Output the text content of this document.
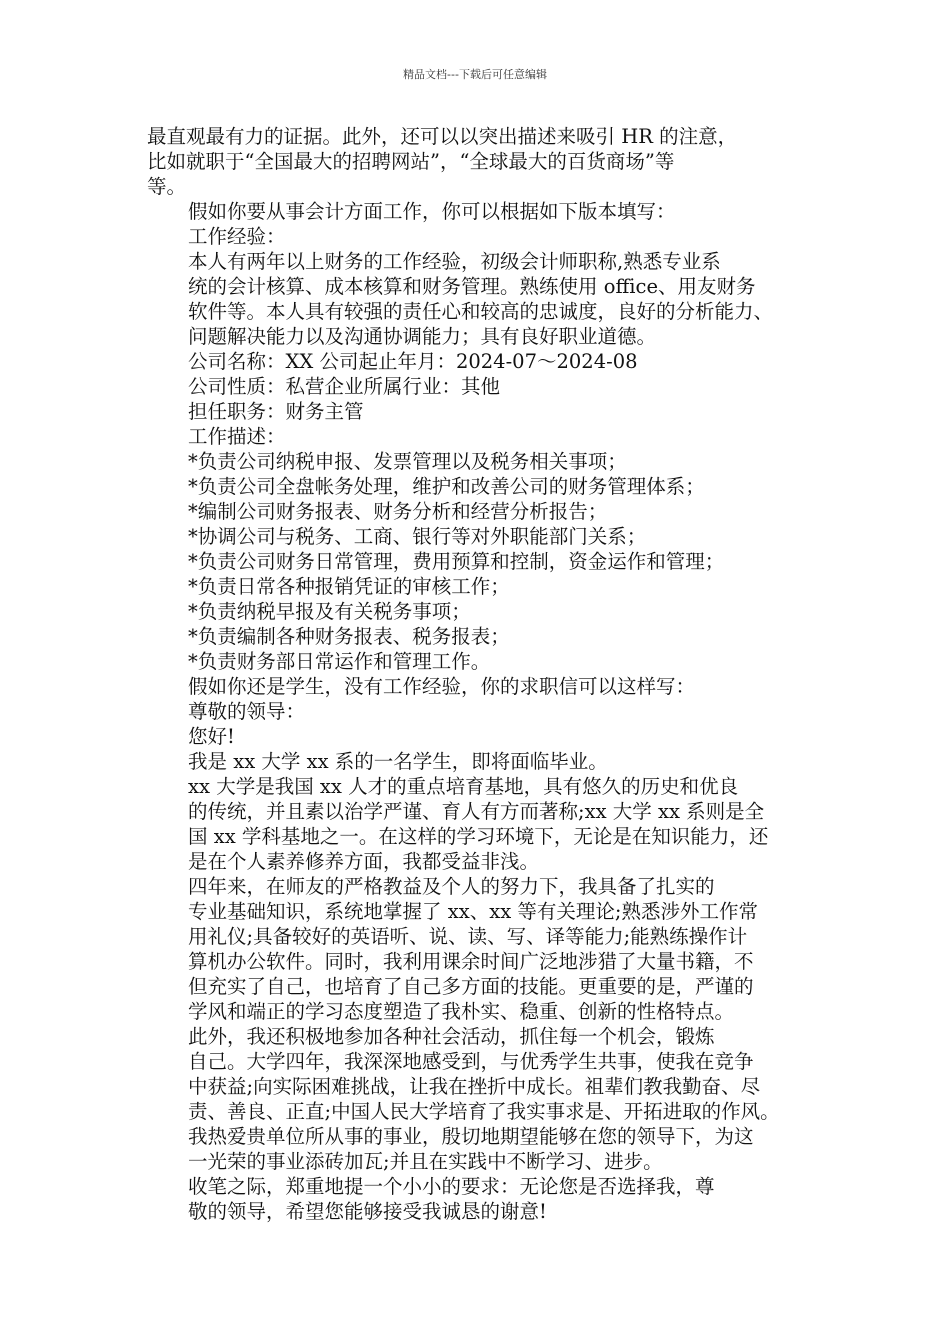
精品文档---下载后可任意编辑
最直观最有力的证据。此外，还可以以突出描述来吸引 HR 的注意，
比如就职于“全国最大的招聘网站”，“全球最大的百货商场”等
等。
假如你要从事会计方面工作，你可以根据如下版本填写：
工作经验：
本人有两年以上财务的工作经验，初级会计师职称,熟悉专业系
统的会计核算、成本核算和财务管理。熟练使用 office、用友财务
软件等。本人具有较强的责任心和较高的忠诚度，良好的分析能力、
问题解决能力以及沟通协调能力；具有良好职业道德。
公司名称：XX 公司起止年月：2024-07～2024-08
公司性质：私营企业所属行业：其他
担任职务：财务主管
工作描述：
*负责公司纳税申报、发票管理以及税务相关事项；
*负责公司全盘帐务处理，维护和改善公司的财务管理体系；
*编制公司财务报表、财务分析和经营分析报告；
*协调公司与税务、工商、银行等对外职能部门关系；
*负责公司财务日常管理，费用预算和控制，资金运作和管理；
*负责日常各种报销凭证的审核工作；
*负责纳税早报及有关税务事项；
*负责编制各种财务报表、税务报表；
*负责财务部日常运作和管理工作。
假如你还是学生，没有工作经验，你的求职信可以这样写：
尊敬的领导：
您好!
我是 xx 大学 xx 系的一名学生，即将面临毕业。
xx 大学是我国 xx 人才的重点培育基地，具有悠久的历史和优良
的传统，并且素以治学严谨、育人有方而著称;xx 大学 xx 系则是全
国 xx 学科基地之一。在这样的学习环境下，无论是在知识能力，还
是在个人素养修养方面，我都受益非浅。
四年来，在师友的严格教益及个人的努力下，我具备了扎实的
专业基础知识，系统地掌握了 xx、xx 等有关理论;熟悉涉外工作常
用礼仪;具备较好的英语听、说、读、写、译等能力;能熟练操作计
算机办公软件。同时，我利用课余时间广泛地涉猎了大量书籍，不
但充实了自己，也培育了自己多方面的技能。更重要的是，严谨的
学风和端正的学习态度塑造了我朴实、稳重、创新的性格特点。
此外，我还积极地参加各种社会活动，抓住每一个机会，锻炼
自己。大学四年，我深深地感受到，与优秀学生共事，使我在竞争
中获益;向实际困难挑战，让我在挫折中成长。祖辈们教我勤奋、尽
责、善良、正直;中国人民大学培育了我实事求是、开拓进取的作风。
我热爱贵单位所从事的事业，殷切地期望能够在您的领导下，为这
一光荣的事业添砖加瓦;并且在实践中不断学习、进步。
收笔之际，郑重地提一个小小的要求：无论您是否选择我，尊
敬的领导，希望您能够接受我诚恳的谢意!
